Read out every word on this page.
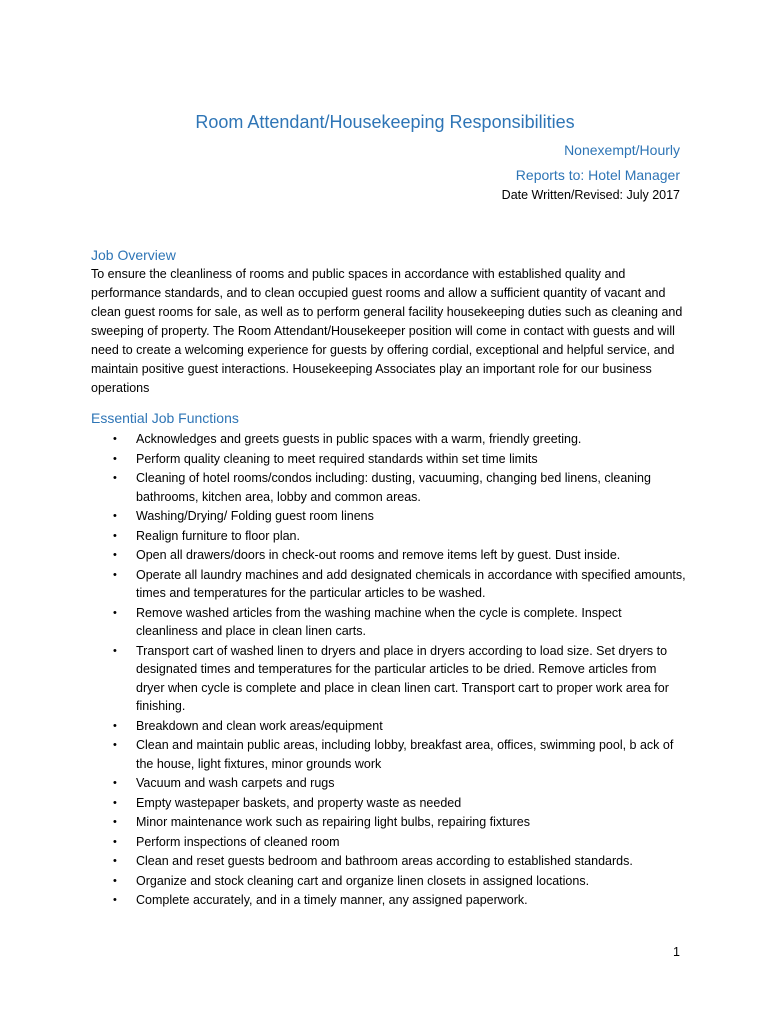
Room Attendant/Housekeeping Responsibilities

Nonexempt/Hourly

Reports to: Hotel Manager

Date Written/Revised: July 2017

Job Overview

To ensure the cleanliness of rooms and public spaces in accordance with established quality and performance standards, and to clean occupied guest rooms and allow a sufficient quantity of vacant and clean guest rooms for sale, as well as to perform general facility housekeeping duties such as cleaning and sweeping of property. The Room Attendant/Housekeeper position will come in contact with guests and will need to create a welcoming experience for guests by offering cordial, exceptional and helpful service, and maintain positive guest interactions. Housekeeping Associates play an important role for our business operations

Essential Job Functions
• Acknowledges and greets guests in public spaces with a warm, friendly greeting.
• Perform quality cleaning to meet required standards within set time limits
• Cleaning of hotel rooms/condos including: dusting, vacuuming, changing bed linens, cleaning bathrooms, kitchen area, lobby and common areas.
• Washing/Drying/ Folding guest room linens
• Realign furniture to floor plan.
• Open all drawers/doors in check-out rooms and remove items left by guest. Dust inside.
• Operate all laundry machines and add designated chemicals in accordance with specified amounts, times and temperatures for the particular articles to be washed.
• Remove washed articles from the washing machine when the cycle is complete. Inspect cleanliness and place in clean linen carts.
• Transport cart of washed linen to dryers and place in dryers according to load size. Set dryers to designated times and temperatures for the particular articles to be dried. Remove articles from dryer when cycle is complete and place in clean linen cart. Transport cart to proper work area for finishing.
• Breakdown and clean work areas/equipment
• Clean and maintain public areas, including lobby, breakfast area, offices, swimming pool, b ack of the house, light fixtures, minor grounds work
• Vacuum and wash carpets and rugs
• Empty wastepaper baskets, and property waste as needed
• Minor maintenance work such as repairing light bulbs, repairing fixtures
• Perform inspections of cleaned room
• Clean and reset guests bedroom and bathroom areas according to established standards.
• Organize and stock cleaning cart and organize linen closets in assigned locations.
• Complete accurately, and in a timely manner, any assigned paperwork.

1
